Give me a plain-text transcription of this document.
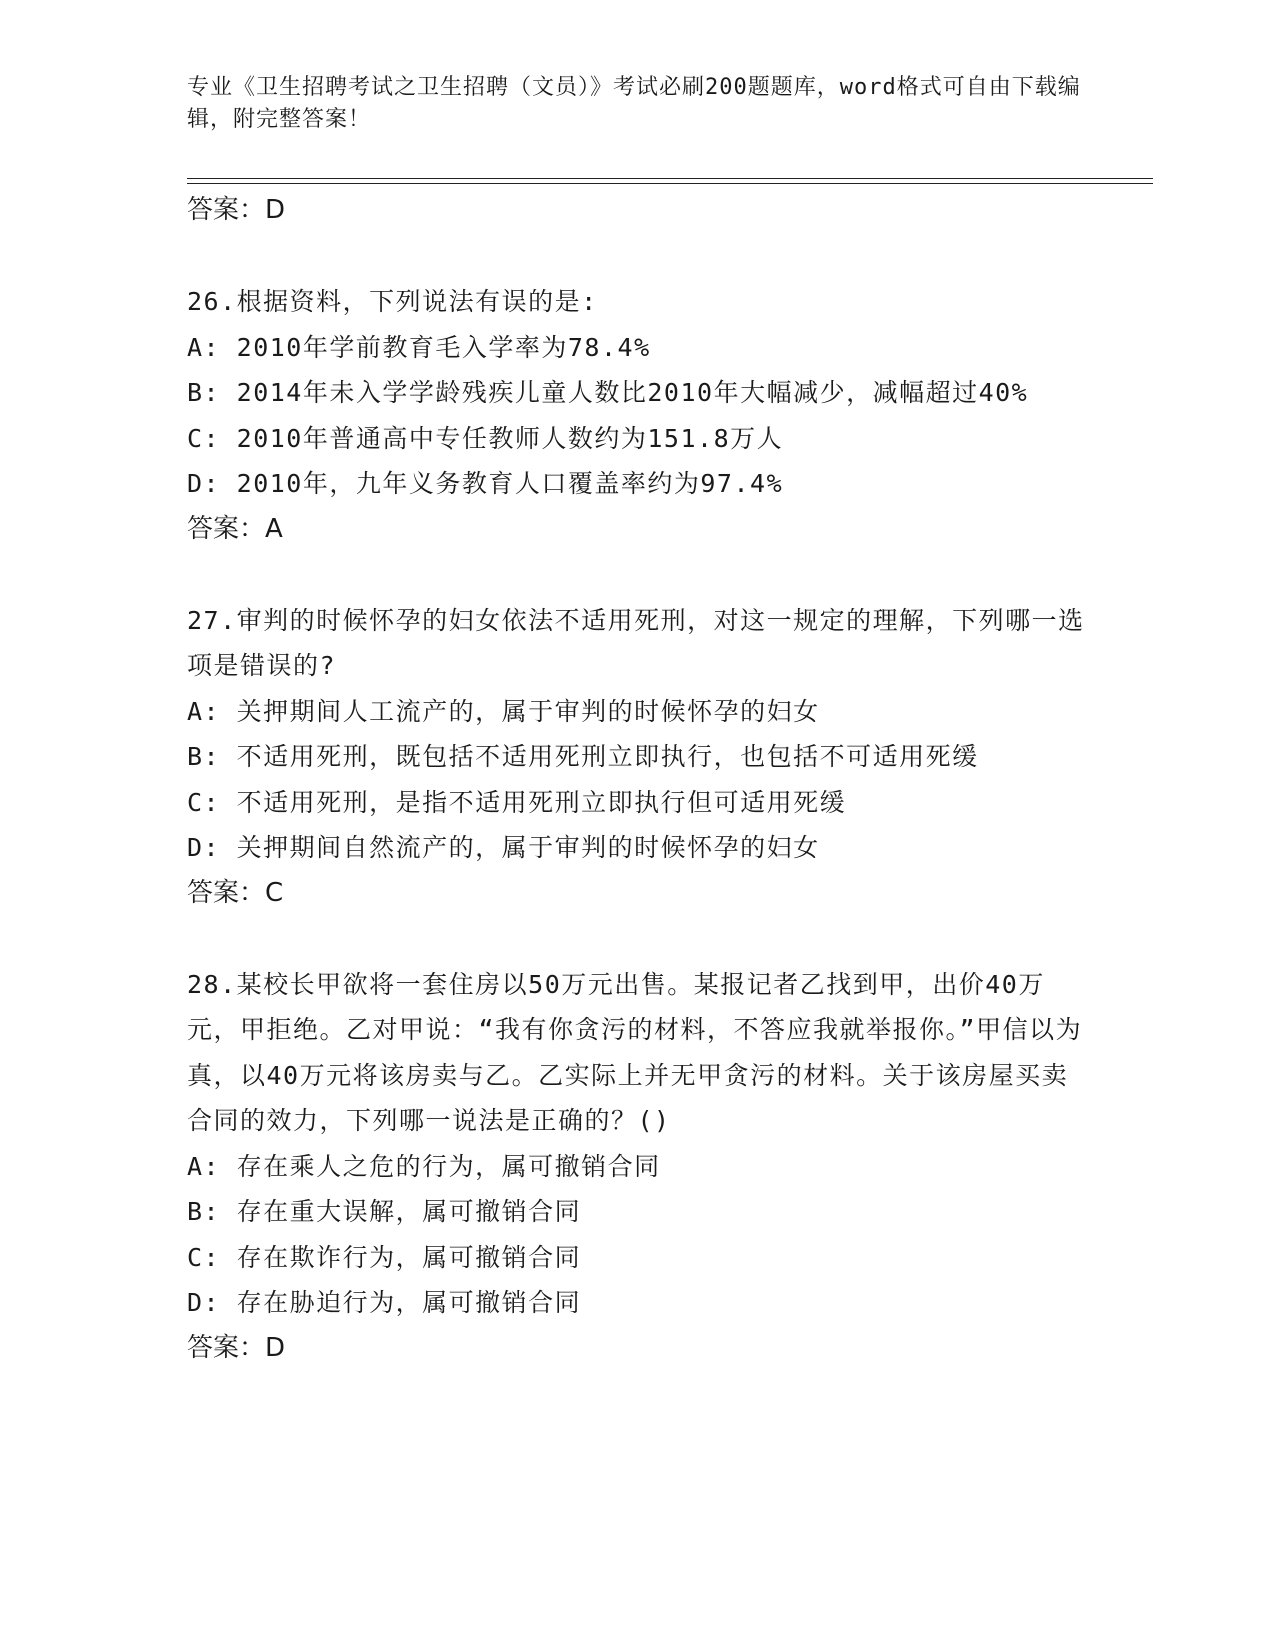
专业《卫生招聘考试之卫生招聘（文员）》考试必刷200题题库，word格式可自由下载编辑，附完整答案！

答案：D

26.根据资料，下列说法有误的是:

A: 2010年学前教育毛入学率为78.4%

B: 2014年未入学学龄残疾儿童人数比2010年大幅减少，减幅超过40%

C: 2010年普通高中专任教师人数约为151.8万人

D: 2010年，九年义务教育人口覆盖率约为97.4%

答案：A

27.审判的时候怀孕的妇女依法不适用死刑，对这一规定的理解，下列哪一选项是错误的?

A: 关押期间人工流产的，属于审判的时候怀孕的妇女

B: 不适用死刑，既包括不适用死刑立即执行，也包括不可适用死缓

C: 不适用死刑，是指不适用死刑立即执行但可适用死缓

D: 关押期间自然流产的，属于审判的时候怀孕的妇女

答案：C

28.某校长甲欲将一套住房以50万元出售。某报记者乙找到甲，出价40万元，甲拒绝。乙对甲说：“我有你贪污的材料，不答应我就举报你。”甲信以为真，以40万元将该房卖与乙。乙实际上并无甲贪污的材料。关于该房屋买卖合同的效力，下列哪一说法是正确的？()

A: 存在乘人之危的行为，属可撤销合同

B: 存在重大误解，属可撤销合同

C: 存在欺诈行为，属可撤销合同

D: 存在胁迫行为，属可撤销合同

答案：D
